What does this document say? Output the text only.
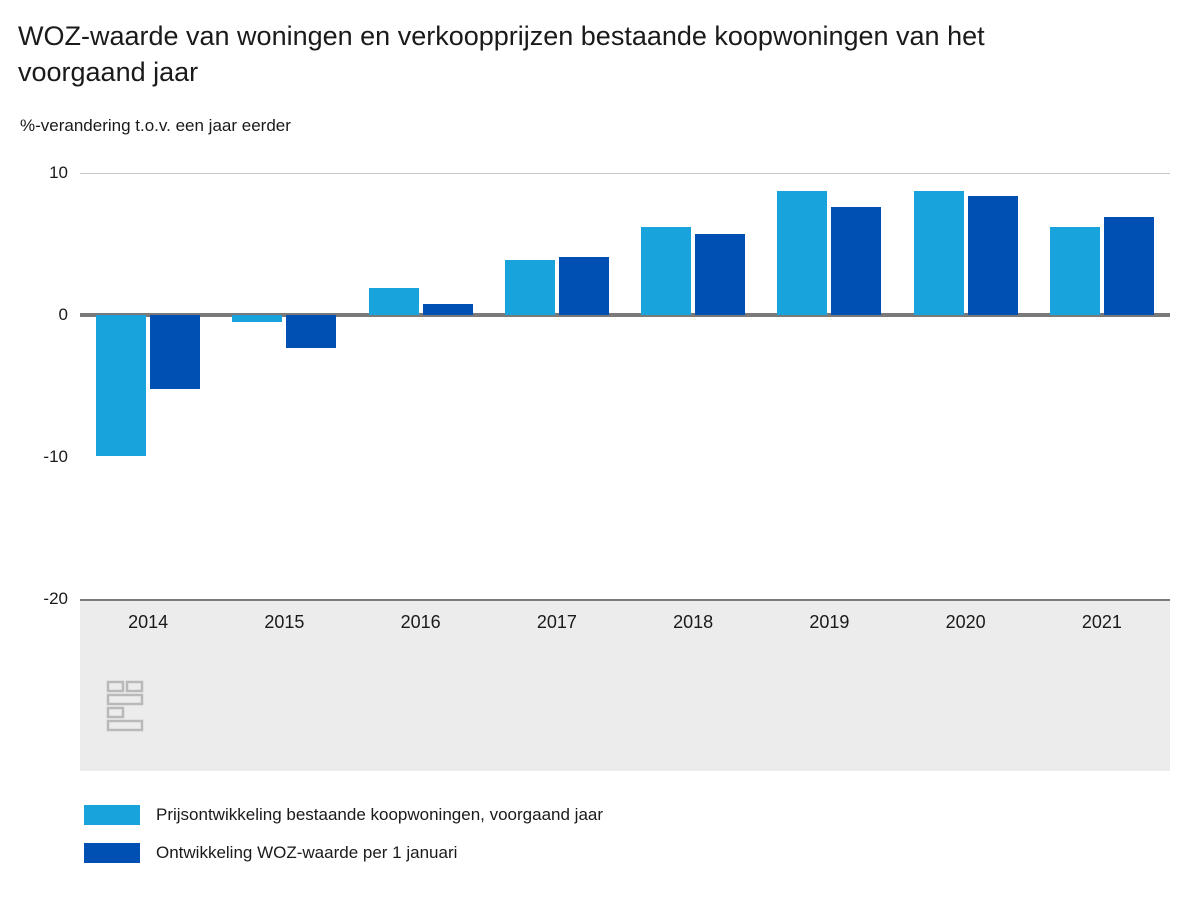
WOZ-waarde van woningen en verkoopprijzen bestaande koopwoningen van het voorgaand jaar
%-verandering t.o.v. een jaar eerder
10
0
-10
-20
2014	2015	2016	2017	2018	2019	2020	2021
Prijsontwikkeling bestaande koopwoningen, voorgaand jaar
Ontwikkeling WOZ-waarde per 1 januari
